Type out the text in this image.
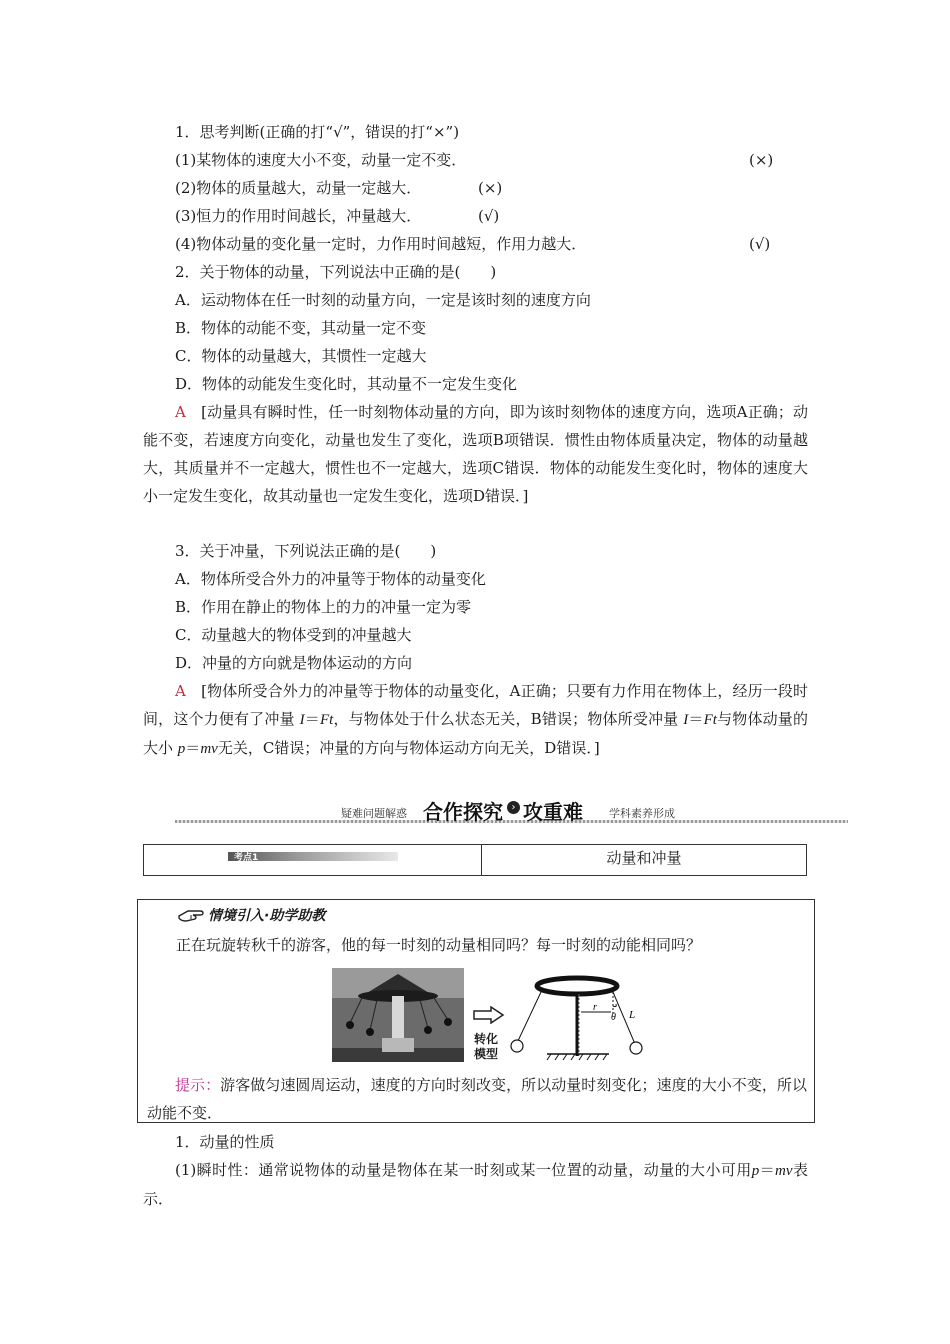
1．思考判断(正确的打“√”，错误的打“×”)
(1)某物体的速度大小不变，动量一定不变．	(×)
(2)物体的质量越大，动量一定越大．	(×)
(3)恒力的作用时间越长，冲量越大．	(√)
(4)物体动量的变化量一定时，力作用时间越短，作用力越大．	(√)
2．关于物体的动量，下列说法中正确的是(　　)
A．运动物体在任一时刻的动量方向，一定是该时刻的速度方向
B．物体的动能不变，其动量一定不变
C．物体的动量越大，其惯性一定越大
D．物体的动能发生变化时，其动量不一定发生变化
A　 [动量具有瞬时性，任一时刻物体动量的方向，即为该时刻物体的速度方向，选项A正确；动能不变，若速度方向变化，动量也发生了变化，选项B项错误．惯性由物体质量决定，物体的动量越大，其质量并不一定越大，惯性也不一定越大，选项C错误．物体的动能发生变化时，物体的速度大小一定发生变化，故其动量也一定发生变化，选项D错误．]
3．关于冲量，下列说法正确的是(　　)
A．物体所受合外力的冲量等于物体的动量变化
B．作用在静止的物体上的力的冲量一定为零
C．动量越大的物体受到的冲量越大
D．冲量的方向就是物体运动的方向
A　 [物体所受合外力的冲量等于物体的动量变化，A正确；只要有力作用在物体上，经历一段时间，这个力便有了冲量 I＝Ft，与物体处于什么状态无关，B错误；物体所受冲量 I＝Ft与物体动量的大小 p＝mv无关，C错误；冲量的方向与物体运动方向无关，D错误．]
疑难问题解惑 合作探究 › 攻重难 学科素养形成
考点1	动量和冲量
情境引入·助学助教
正在玩旋转秋千的游客，他的每一时刻的动量相同吗？每一时刻的动能相同吗？
转化
模型
r
θ L
提示：游客做匀速圆周运动，速度的方向时刻改变，所以动量时刻变化；速度的大小不变，所以动能不变．
1．动量的性质
(1)瞬时性：通常说物体的动量是物体在某一时刻或某一位置的动量，动量的大小可用p＝mv表示．
